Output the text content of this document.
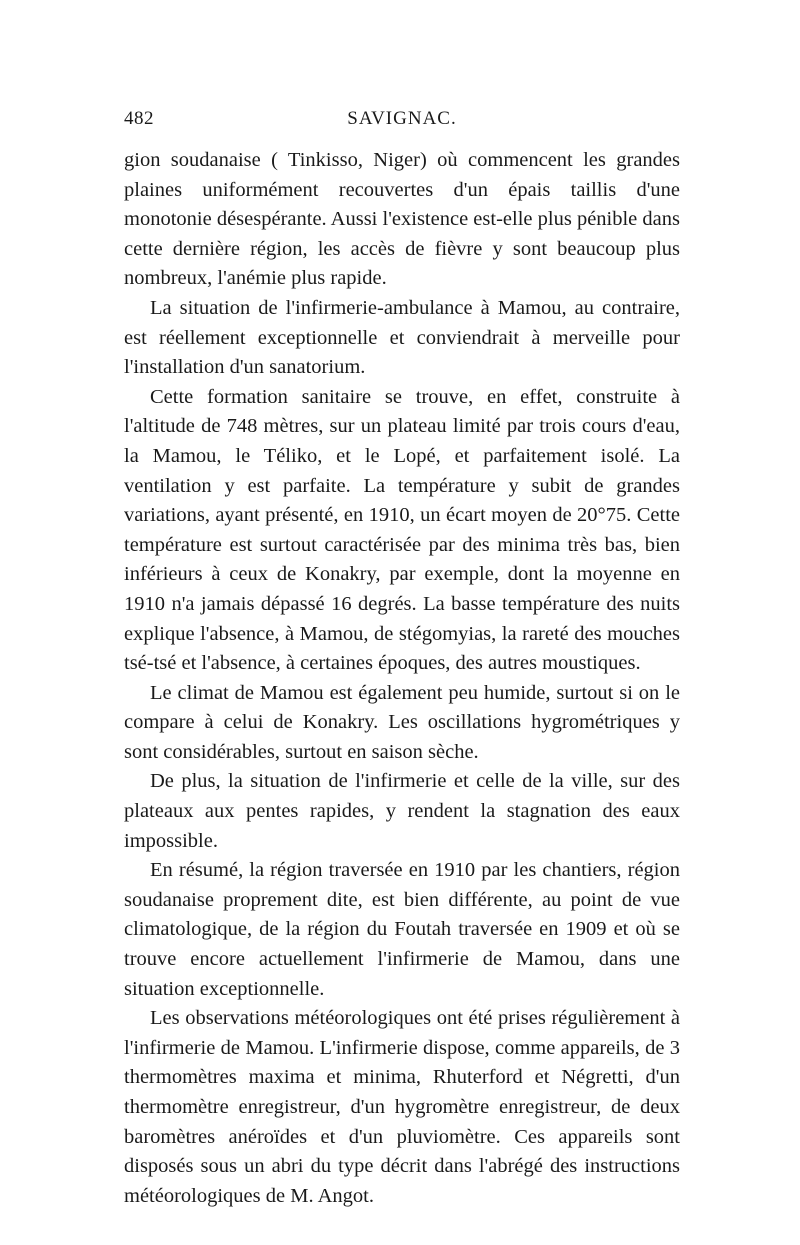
482	SAVIGNAC.

gion soudanaise ( Tinkisso, Niger) où commencent les grandes plaines uniformément recouvertes d'un épais taillis d'une monotonie désespérante. Aussi l'existence est-elle plus pénible dans cette dernière région, les accès de fièvre y sont beaucoup plus nombreux, l'anémie plus rapide.

La situation de l'infirmerie-ambulance à Mamou, au contraire, est réellement exceptionnelle et conviendrait à merveille pour l'installation d'un sanatorium.

Cette formation sanitaire se trouve, en effet, construite à l'altitude de 748 mètres, sur un plateau limité par trois cours d'eau, la Mamou, le Téliko, et le Lopé, et parfaitement isolé. La ventilation y est parfaite. La température y subit de grandes variations, ayant présenté, en 1910, un écart moyen de 20°75. Cette température est surtout caractérisée par des minima très bas, bien inférieurs à ceux de Konakry, par exemple, dont la moyenne en 1910 n'a jamais dépassé 16 degrés. La basse température des nuits explique l'absence, à Mamou, de stégomyias, la rareté des mouches tsé-tsé et l'absence, à certaines époques, des autres moustiques.

Le climat de Mamou est également peu humide, surtout si on le compare à celui de Konakry. Les oscillations hygrométriques y sont considérables, surtout en saison sèche.

De plus, la situation de l'infirmerie et celle de la ville, sur des plateaux aux pentes rapides, y rendent la stagnation des eaux impossible.

En résumé, la région traversée en 1910 par les chantiers, région soudanaise proprement dite, est bien différente, au point de vue climatologique, de la région du Foutah traversée en 1909 et où se trouve encore actuellement l'infirmerie de Mamou, dans une situation exceptionnelle.

Les observations météorologiques ont été prises régulièrement à l'infirmerie de Mamou. L'infirmerie dispose, comme appareils, de 3 thermomètres maxima et minima, Rhuterford et Négretti, d'un thermomètre enregistreur, d'un hygromètre enregistreur, de deux baromètres anéroïdes et d'un pluviomètre. Ces appareils sont disposés sous un abri du type décrit dans l'abrégé des instructions météorologiques de M. Angot.
